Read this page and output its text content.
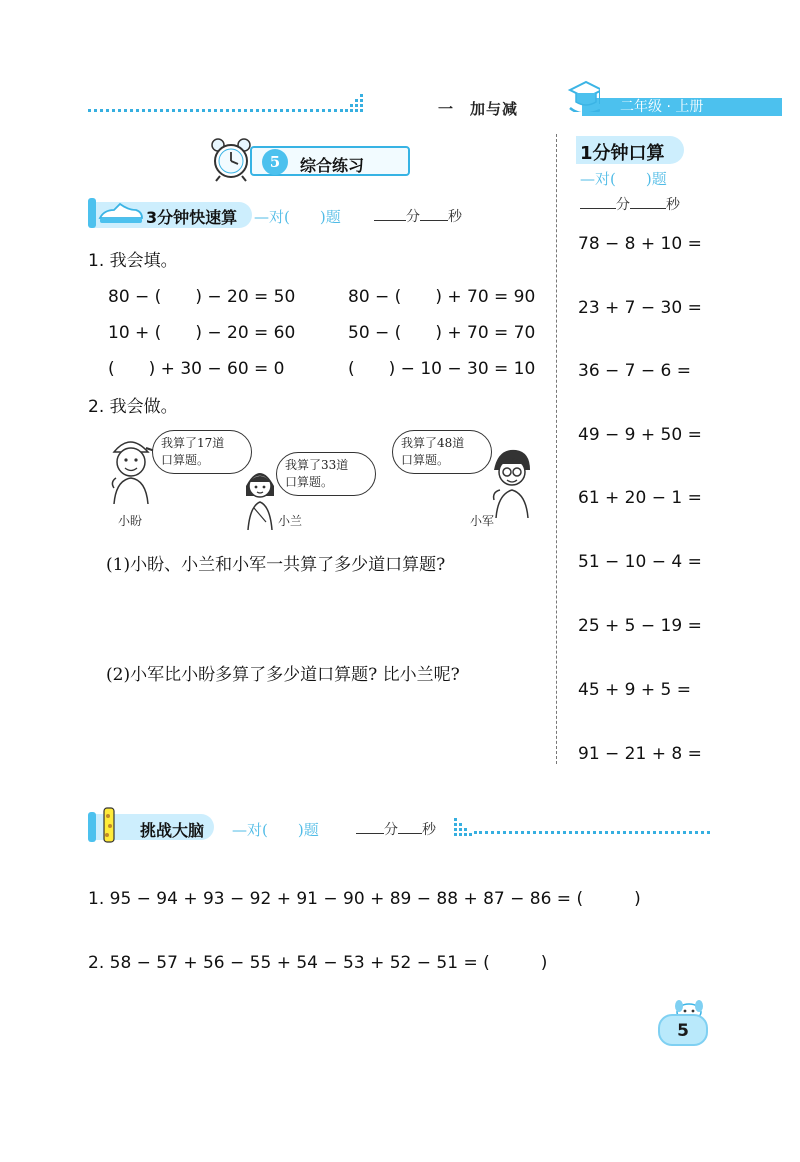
一　加与减	二年级 · 上册
5	综合练习
3分钟快速算 —对(　　)题	分 秒
1. 我会填。
80 − (　　) − 20 = 50	80 − (　　) + 70 = 90
10 + (　　) − 20 = 60	50 − (　　) + 70 = 70
(　　) + 30 − 60 = 0	(　　) − 10 − 30 = 10
2. 我会做。
我算了17道
口算题。
小盼
我算了33道
口算题。
小兰
我算了48道
口算题。
小军
(1)小盼、小兰和小军一共算了多少道口算题?
(2)小军比小盼多算了多少道口算题? 比小兰呢?
1分钟口算
—对(　　)题
分	秒
78 − 8 + 10 =
23 + 7 − 30 =
36 − 7 − 6 =
49 − 9 + 50 =
61 + 20 − 1 =
51 − 10 − 4 =
25 + 5 − 19 =
45 + 9 + 5 =
91 − 21 + 8 =
挑战大脑 —对(　　)题	分 秒
1. 95 − 94 + 93 − 92 + 91 − 90 + 89 − 88 + 87 − 86 = (　　　)
2. 58 − 57 + 56 − 55 + 54 − 53 + 52 − 51 = (　　　)
5
